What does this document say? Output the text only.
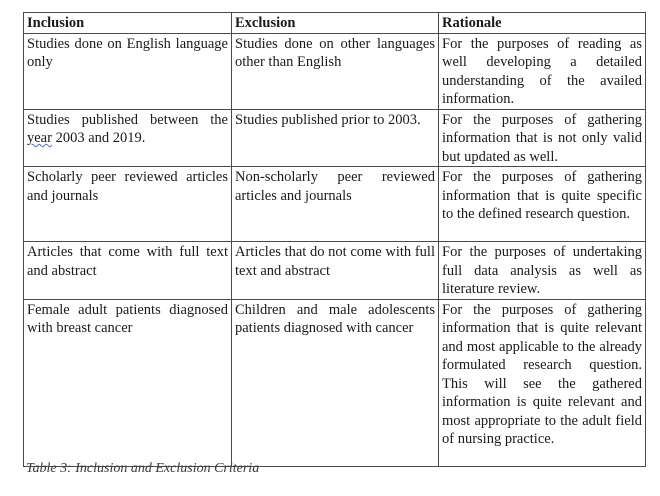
Inclusion	Exclusion	Rationale
Studies done on English language only	Studies done on other languages other than English	For the purposes of reading as well developing a detailed understanding of the availed information.
Studies published between the year 2003 and 2019.	Studies published prior to 2003.	For the purposes of gathering information that is not only valid but updated as well.
Scholarly peer reviewed articles and journals	Non-scholarly peer reviewed articles and journals	For the purposes of gathering information that is quite specific to the defined research question.
Articles that come with full text and abstract	Articles that do not come with full text and abstract	For the purposes of undertaking full data analysis as well as literature review.
Female adult patients diagnosed with breast cancer	Children and male adolescents patients diagnosed with cancer	For the purposes of gathering information that is quite relevant and most applicable to the already formulated research question. This will see the gathered information is quite relevant and most appropriate to the adult field of nursing practice.
Table 3: Inclusion and Exclusion Criteria
